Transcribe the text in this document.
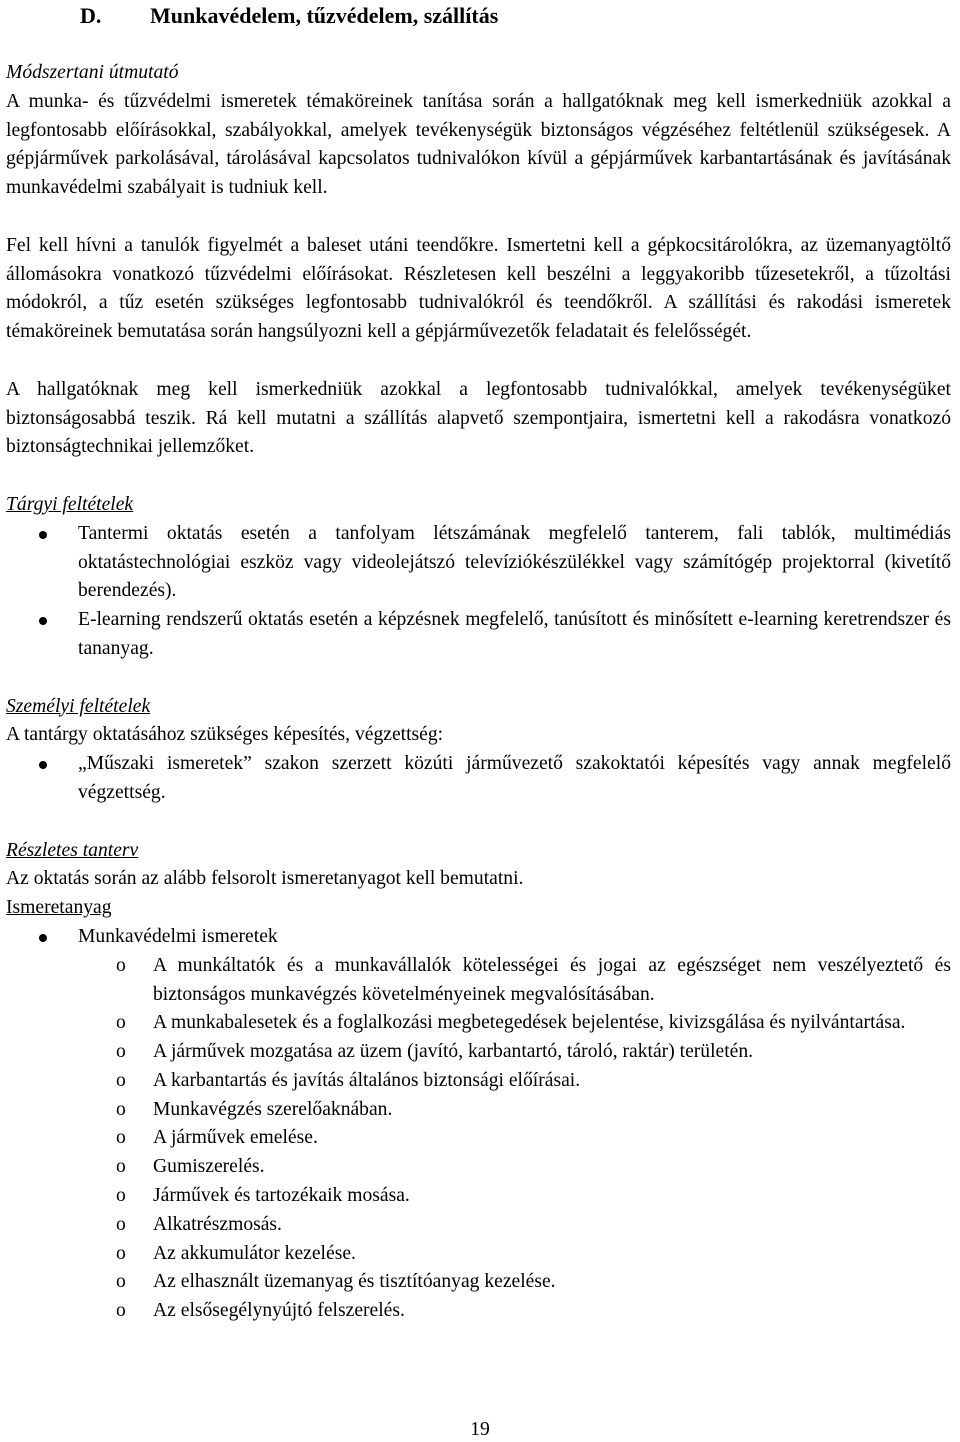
D. Munkavédelem, tűzvédelem, szállítás

Módszertani útmutató

A munka- és tűzvédelmi ismeretek témaköreinek tanítása során a hallgatóknak meg kell ismerkedniük azokkal a legfontosabb előírásokkal, szabályokkal, amelyek tevékenységük biztonságos végzéséhez feltétlenül szükségesek. A gépjárművek parkolásával, tárolásával kapcsolatos tudnivalókon kívül a gépjárművek karbantartásának és javításának munkavédelmi szabályait is tudniuk kell.

Fel kell hívni a tanulók figyelmét a baleset utáni teendőkre. Ismertetni kell a gépkocsitárolókra, az üzemanyagtöltő állomásokra vonatkozó tűzvédelmi előírásokat. Részletesen kell beszélni a leggyakoribb tűzesetekről, a tűzoltási módokról, a tűz esetén szükséges legfontosabb tudnivalókról és teendőkről. A szállítási és rakodási ismeretek témaköreinek bemutatása során hangsúlyozni kell a gépjárművezetők feladatait és felelősségét.

A hallgatóknak meg kell ismerkedniük azokkal a legfontosabb tudnivalókkal, amelyek tevékenységüket biztonságosabbá teszik. Rá kell mutatni a szállítás alapvető szempontjaira, ismertetni kell a rakodásra vonatkozó biztonságtechnikai jellemzőket.

Tárgyi feltételek

Tantermi oktatás esetén a tanfolyam létszámának megfelelő tanterem, fali tablók, multimédiás oktatástechnológiai eszköz vagy videolejátszó televíziókészülékkel vagy számítógép projektorral (kivetítő berendezés).
E-learning rendszerű oktatás esetén a képzésnek megfelelő, tanúsított és minősített e-learning keretrendszer és tananyag.

Személyi feltételek

A tantárgy oktatásához szükséges képesítés, végzettség:

„Műszaki ismeretek” szakon szerzett közúti járművezető szakoktatói képesítés vagy annak megfelelő végzettség.

Részletes tanterv

Az oktatás során az alább felsorolt ismeretanyagot kell bemutatni.

Ismeretanyag

Munkavédelmi ismeretek
o A munkáltatók és a munkavállalók kötelességei és jogai az egészséget nem veszélyeztető és biztonságos munkavégzés követelményeinek megvalósításában.
o A munkabalesetek és a foglalkozási megbetegedések bejelentése, kivizsgálása és nyilvántartása.
o A járművek mozgatása az üzem (javító, karbantartó, tároló, raktár) területén.
o A karbantartás és javítás általános biztonsági előírásai.
o Munkavégzés szerelőaknában.
o A járművek emelése.
o Gumiszerelés.
o Járművek és tartozékaik mosása.
o Alkatrészmosás.
o Az akkumulátor kezelése.
o Az elhasznált üzemanyag és tisztítóanyag kezelése.
o Az elsősegélynyújtó felszerelés.
19
